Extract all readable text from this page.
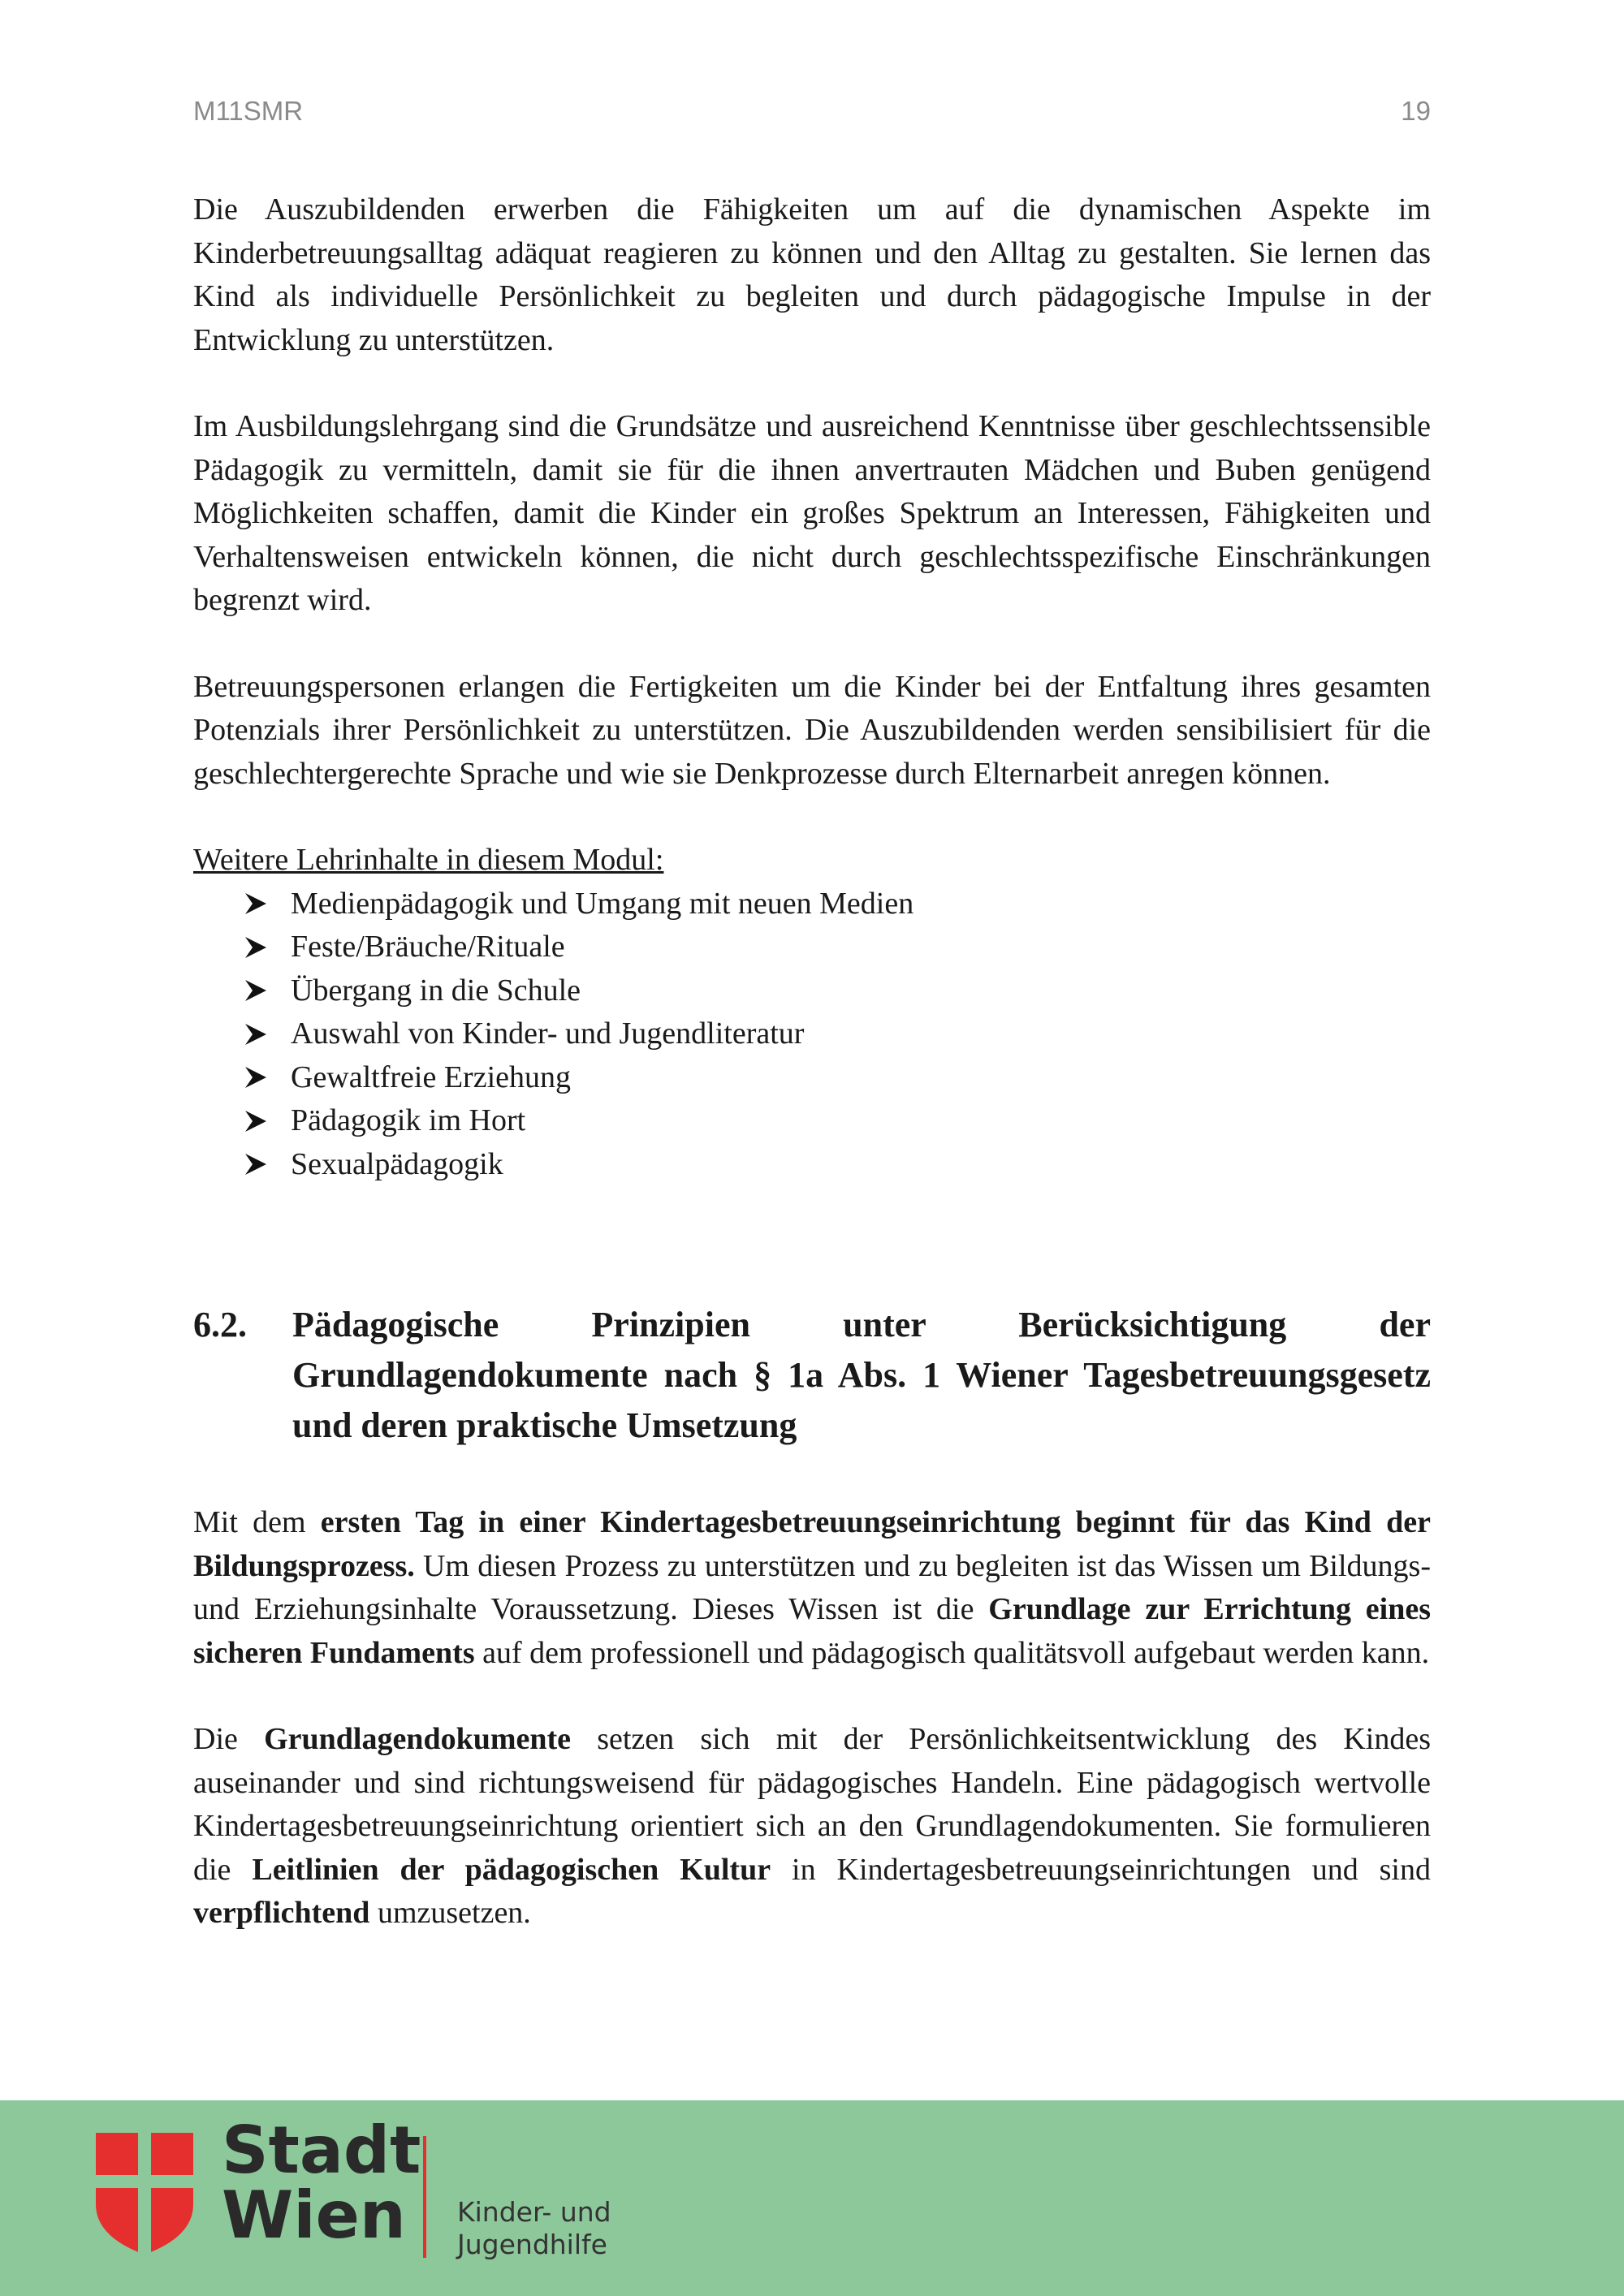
M11SMR	19

Die Auszubildenden erwerben die Fähigkeiten um auf die dynamischen Aspekte im Kinderbetreuungsalltag adäquat reagieren zu können und den Alltag zu gestalten. Sie lernen das Kind als individuelle Persönlichkeit zu begleiten und durch pädagogische Impulse in der Entwicklung zu unterstützen.

Im Ausbildungslehrgang sind die Grundsätze und ausreichend Kenntnisse über geschlechtssensible Pädagogik zu vermitteln, damit sie für die ihnen anvertrauten Mädchen und Buben genügend Möglichkeiten schaffen, damit die Kinder ein großes Spektrum an Interessen, Fähigkeiten und Verhaltensweisen entwickeln können, die nicht durch geschlechtsspezifische Einschränkungen begrenzt wird.

Betreuungspersonen erlangen die Fertigkeiten um die Kinder bei der Entfaltung ihres gesamten Potenzials ihrer Persönlichkeit zu unterstützen. Die Auszubildenden werden sensibilisiert für die geschlechtergerechte Sprache und wie sie Denkprozesse durch Elternarbeit anregen können.

Weitere Lehrinhalte in diesem Modul:

Medienpädagogik und Umgang mit neuen Medien
Feste/Bräuche/Rituale
Übergang in die Schule
Auswahl von Kinder- und Jugendliteratur
Gewaltfreie Erziehung
Pädagogik im Hort
Sexualpädagogik
6.2.	Pädagogische Prinzipien unter Berücksichtigung der Grundlagendokumente nach § 1a Abs. 1 Wiener Tagesbetreuungsgesetz und deren praktische Umsetzung

Mit dem ersten Tag in einer Kindertagesbetreuungseinrichtung beginnt für das Kind der Bildungsprozess. Um diesen Prozess zu unterstützen und zu begleiten ist das Wissen um Bildungs- und Erziehungsinhalte Voraussetzung. Dieses Wissen ist die Grundlage zur Errichtung eines sicheren Fundaments auf dem professionell und pädagogisch qualitätsvoll aufgebaut werden kann.

Die Grundlagendokumente setzen sich mit der Persönlichkeitsentwicklung des Kindes auseinander und sind richtungsweisend für pädagogisches Handeln. Eine pädagogisch wertvolle Kindertagesbetreuungseinrichtung orientiert sich an den Grundlagendokumenten. Sie formulieren die Leitlinien der pädagogischen Kultur in Kindertagesbetreuungseinrichtungen und sind verpflichtend umzusetzen.

Stadt
Wien	Kinder- und
Jugendhilfe
